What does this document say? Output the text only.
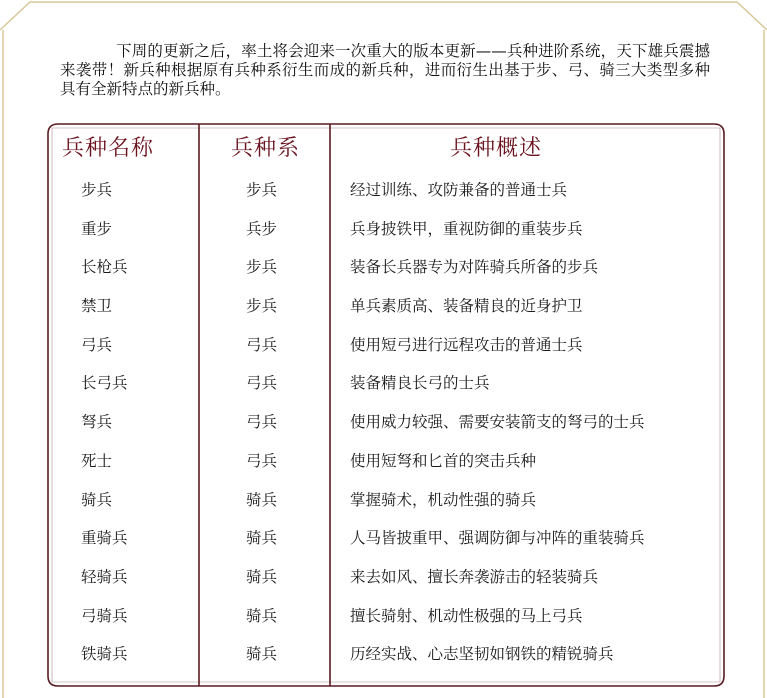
下周的更新之后，率土将会迎来一次重大的版本更新——兵种进阶系统，天下雄兵震撼来袭带！新兵种根据原有兵种系衍生而成的新兵种，进而衍生出基于步、弓、骑三大类型多种具有全新特点的新兵种。
兵种名称	兵种系	兵种概述
步兵	步兵	经过训练、攻防兼备的普通士兵
重步	兵步	兵身披铁甲，重视防御的重装步兵
长枪兵	步兵	装备长兵器专为对阵骑兵所备的步兵
禁卫	步兵	单兵素质高、装备精良的近身护卫
弓兵	弓兵	使用短弓进行远程攻击的普通士兵
长弓兵	弓兵	装备精良长弓的士兵
弩兵	弓兵	使用威力较强、需要安装箭支的弩弓的士兵
死士	弓兵	使用短弩和匕首的突击兵种
骑兵	骑兵	掌握骑术，机动性强的骑兵
重骑兵	骑兵	人马皆披重甲、强调防御与冲阵的重装骑兵
轻骑兵	骑兵	来去如风、擅长奔袭游击的轻装骑兵
弓骑兵	骑兵	擅长骑射、机动性极强的马上弓兵
铁骑兵	骑兵	历经实战、心志坚韧如钢铁的精锐骑兵
